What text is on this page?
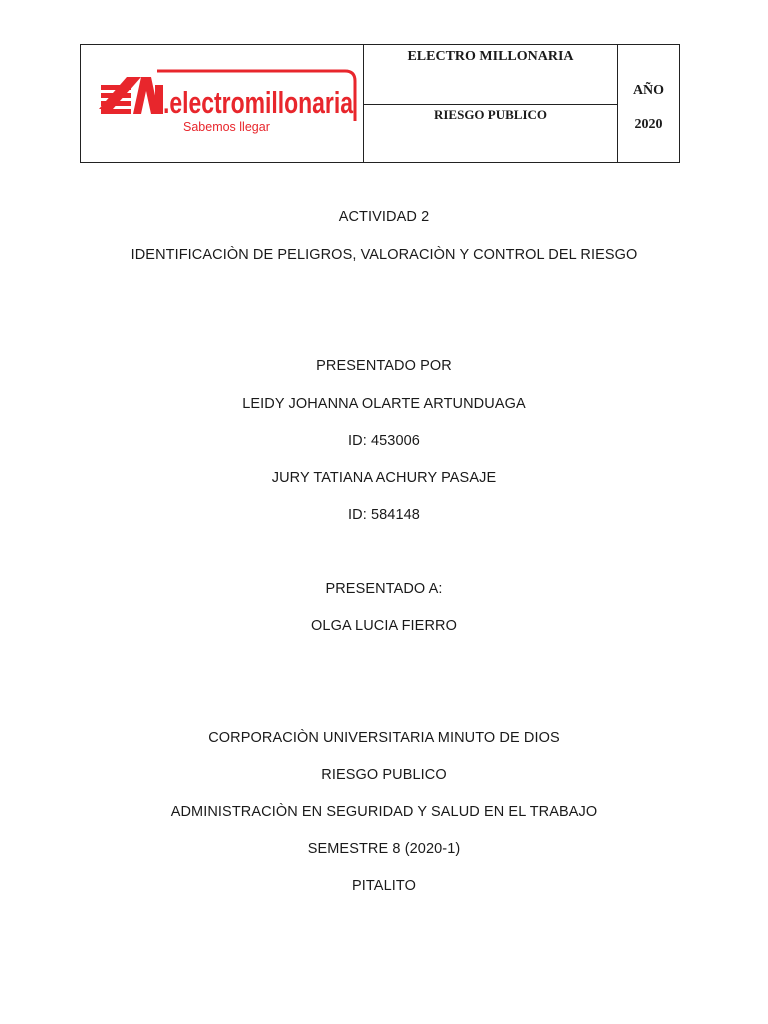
.electromillonaria
Sabemos llegar

ELECTRO MILLONARIA
RIESGO PUBLICO

AÑO
2020

ACTIVIDAD 2
IDENTIFICACIÒN DE PELIGROS, VALORACIÒN Y CONTROL DEL RIESGO
PRESENTADO POR
LEIDY JOHANNA OLARTE ARTUNDUAGA
ID: 453006
JURY TATIANA ACHURY PASAJE
ID: 584148
PRESENTADO A:
OLGA LUCIA FIERRO
CORPORACIÒN UNIVERSITARIA MINUTO DE DIOS
RIESGO PUBLICO
ADMINISTRACIÒN EN SEGURIDAD Y SALUD EN EL TRABAJO
SEMESTRE 8 (2020-1)
PITALITO
